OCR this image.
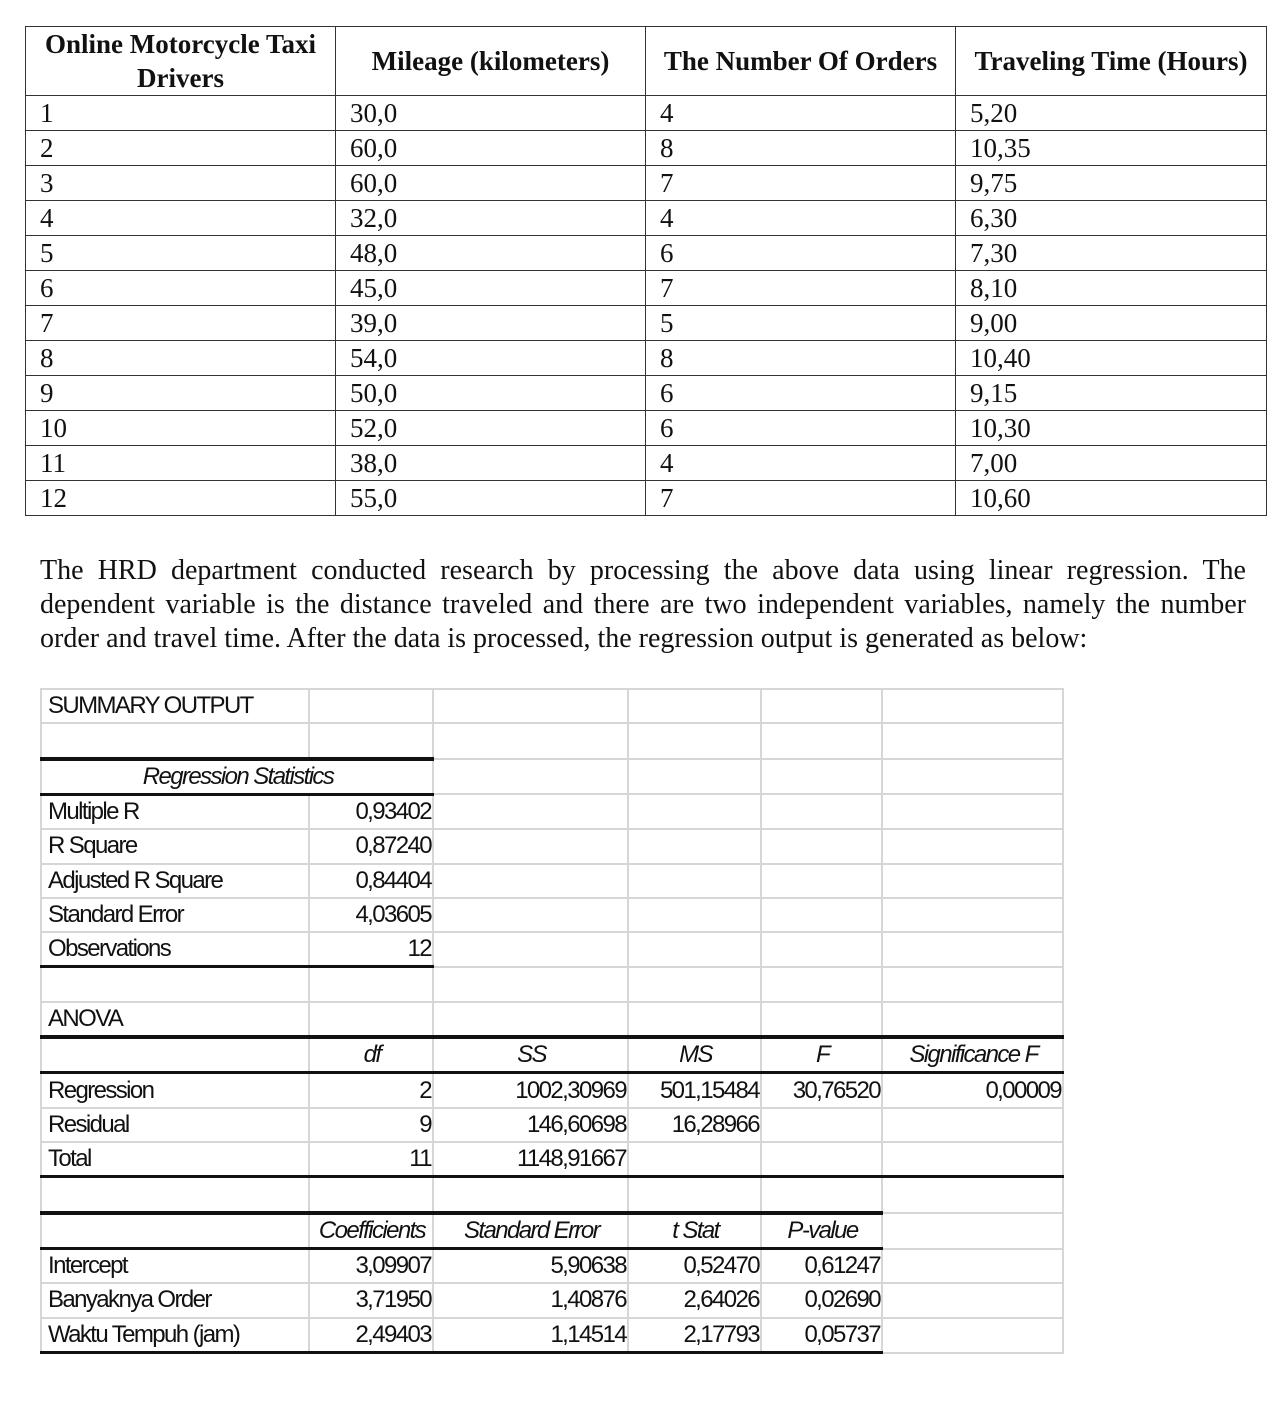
Online Motorcycle Taxi Drivers	Mileage (kilometers)	The Number Of Orders	Traveling Time (Hours)
1	30,0	4	5,20
2	60,0	8	10,35
3	60,0	7	9,75
4	32,0	4	6,30
5	48,0	6	7,30
6	45,0	7	8,10
7	39,0	5	9,00
8	54,0	8	10,40
9	50,0	6	9,15
10	52,0	6	10,30
11	38,0	4	7,00
12	55,0	7	10,60

The HRD department conducted research by processing the above data using linear regression. The dependent variable is the distance traveled and there are two independent variables, namely the number order and travel time. After the data is processed, the regression output is generated as below:

SUMMARY OUTPUT					

Regression Statistics					
Multiple R	0,93402				
R Square	0,87240				
Adjusted R Square	0,84404				
Standard Error	4,03605				
Observations	12				

ANOVA					
	df	SS	MS	F	Significance F
Regression	2	1002,30969	501,15484	30,76520	0,00009
Residual	9	146,60698	16,28966		
Total	11	1148,91667			

	Coefficients	Standard Error	t Stat	P-value	
Intercept	3,09907	5,90638	0,52470	0,61247	
Banyaknya Order	3,71950	1,40876	2,64026	0,02690	
Waktu Tempuh (jam)	2,49403	1,14514	2,17793	0,05737	
